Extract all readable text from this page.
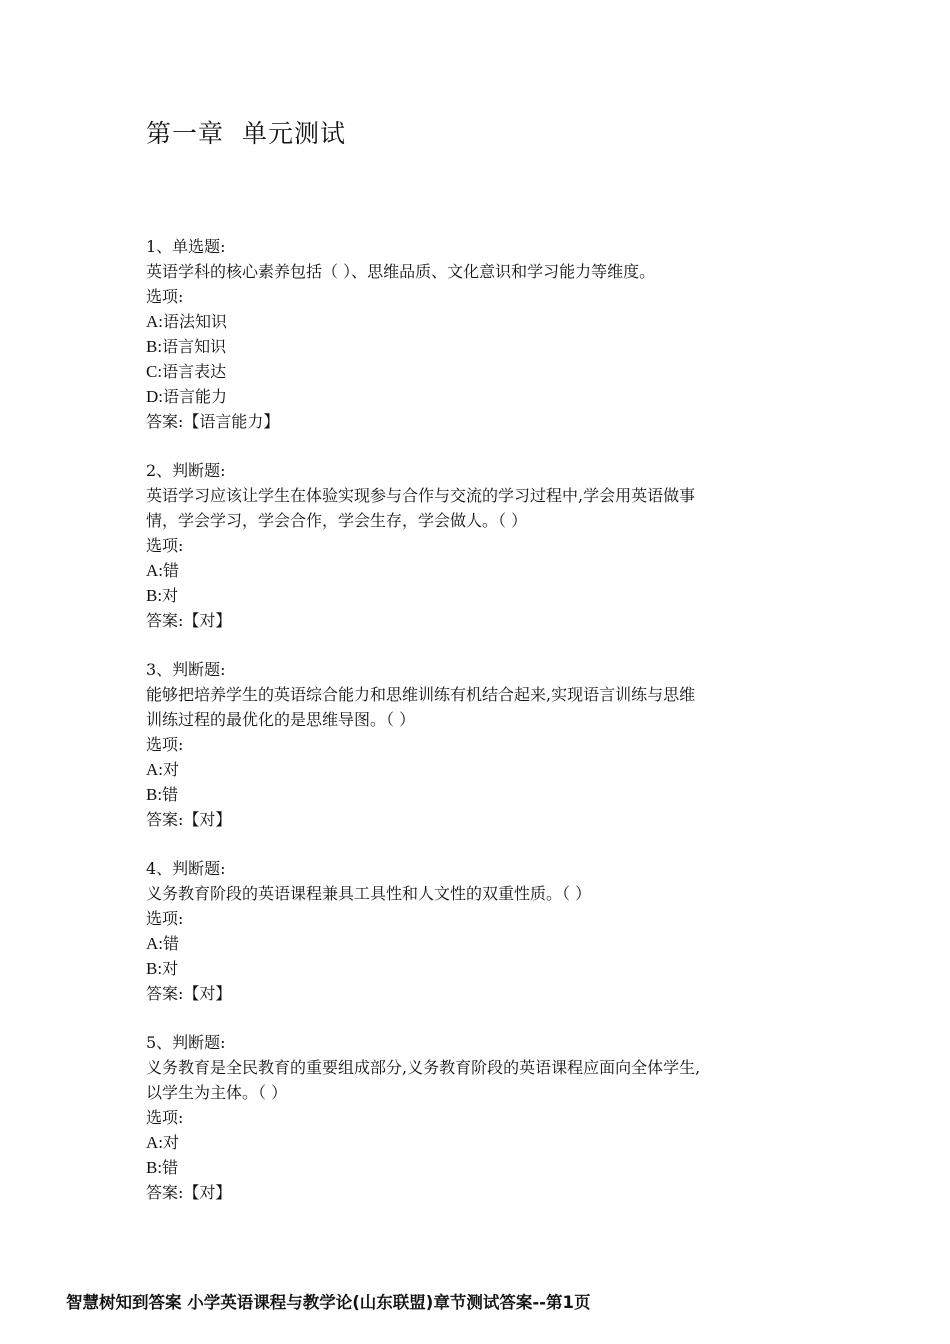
第一章 单元测试
1、单选题:
英语学科的核心素养包括（ ）、思维品质、文化意识和学习能力等维度。
选项:
A:语法知识
B:语言知识
C:语言表达
D:语言能力
答案:【语言能力】
2、判断题:
英语学习应该让学生在体验实现参与合作与交流的学习过程中,学会用英语做事
情，学会学习，学会合作，学会生存，学会做人。（ ）
选项:
A:错
B:对
答案:【对】
3、判断题:
能够把培养学生的英语综合能力和思维训练有机结合起来,实现语言训练与思维
训练过程的最优化的是思维导图。（ ）
选项:
A:对
B:错
答案:【对】
4、判断题:
义务教育阶段的英语课程兼具工具性和人文性的双重性质。（ ）
选项:
A:错
B:对
答案:【对】
5、判断题:
义务教育是全民教育的重要组成部分,义务教育阶段的英语课程应面向全体学生,
以学生为主体。（ ）
选项:
A:对
B:错
答案:【对】
智慧树知到答案 小学英语课程与教学论(山东联盟)章节测试答案--第1页
